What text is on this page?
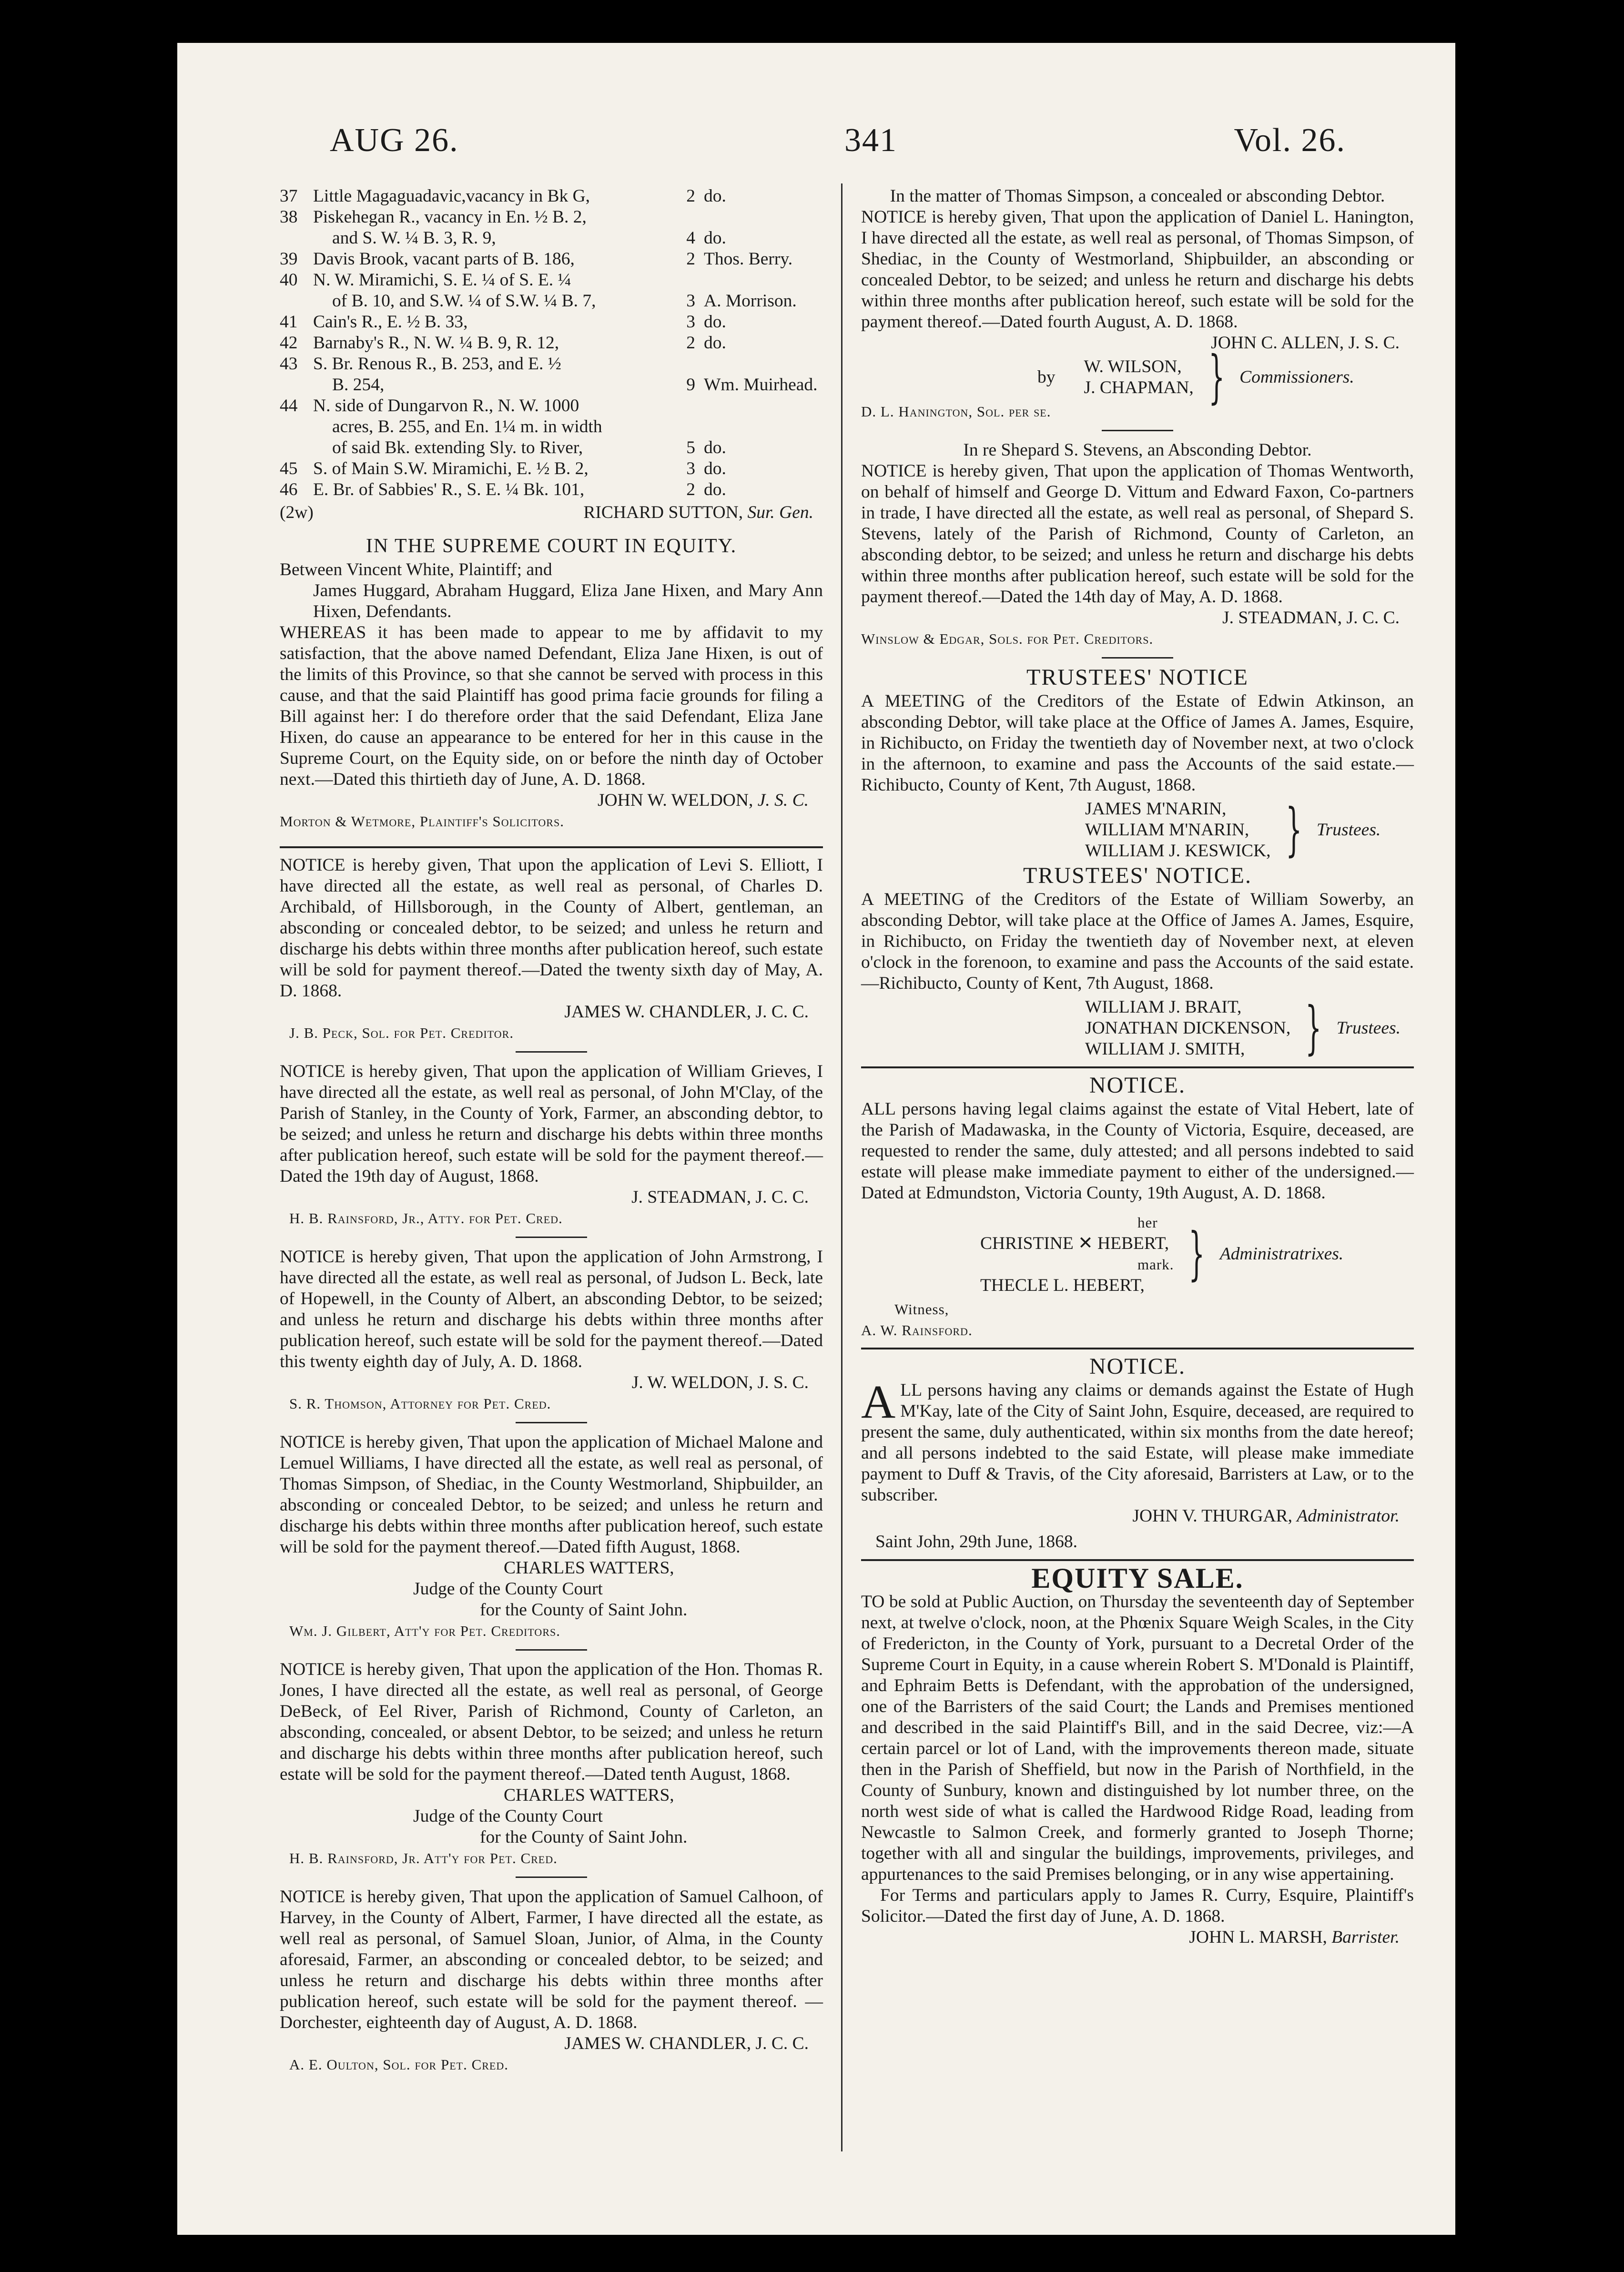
AUG 26.	341	Vol. 26.
37 Little Magaguadavic,vacancy in Bk G,	2 do.
38 Piskehegan R., vacancy in En. ½ B. 2,
and S. W. ¼ B. 3, R. 9,	4 do.
39 Davis Brook, vacant parts of B. 186,	2 Thos. Berry.
40 N. W. Miramichi, S. E. ¼ of S. E. ¼
of B. 10, and S.W. ¼ of S.W. ¼ B. 7,	3 A. Morrison.
41 Cain's R., E. ½ B. 33,	3 do.
42 Barnaby's R., N. W. ¼ B. 9, R. 12,	2 do.
43 S. Br. Renous R., B. 253, and E. ½
B. 254,	9 Wm. Muirhead.
44 N. side of Dungarvon R., N. W. 1000
acres, B. 255, and En. 1¼ m. in width
of said Bk. extending Sly. to River,	5 do.
45 S. of Main S.W. Miramichi, E. ½ B. 2,	3 do.
46 E. Br. of Sabbies' R., S. E. ¼ Bk. 101,	2 do.
(2w)	RICHARD SUTTON, Sur. Gen.
IN THE SUPREME COURT IN EQUITY.

Between Vincent White, Plaintiff; and

James Huggard, Abraham Huggard, Eliza Jane Hixen, and Mary Ann Hixen, Defendants.

WHEREAS it has been made to appear to me by affidavit to my satisfaction, that the above named Defendant, Eliza Jane Hixen, is out of the limits of this Province, so that she cannot be served with process in this cause, and that the said Plaintiff has good prima facie grounds for filing a Bill against her: I do therefore order that the said Defendant, Eliza Jane Hixen, do cause an appearance to be entered for her in this cause in the Supreme Court, on the Equity side, on or before the ninth day of October next.—Dated this thirtieth day of June, A. D. 1868.

JOHN W. WELDON, J. S. C.
Morton & Wetmore, Plaintiff's Solicitors.

NOTICE is hereby given, That upon the application of Levi S. Elliott, I have directed all the estate, as well real as personal, of Charles D. Archibald, of Hillsborough, in the County of Albert, gentleman, an absconding or concealed debtor, to be seized; and unless he return and discharge his debts within three months after publication hereof, such estate will be sold for payment thereof.—Dated the twenty sixth day of May, A. D. 1868.

JAMES W. CHANDLER, J. C. C.
J. B. Peck, Sol. for Pet. Creditor.

NOTICE is hereby given, That upon the application of William Grieves, I have directed all the estate, as well real as personal, of John M'Clay, of the Parish of Stanley, in the County of York, Farmer, an absconding debtor, to be seized; and unless he return and discharge his debts within three months after publication hereof, such estate will be sold for the payment thereof.—Dated the 19th day of August, 1868.

J. STEADMAN, J. C. C.
H. B. Rainsford, Jr., Atty. for Pet. Cred.

NOTICE is hereby given, That upon the application of John Armstrong, I have directed all the estate, as well real as personal, of Judson L. Beck, late of Hopewell, in the County of Albert, an absconding Debtor, to be seized; and unless he return and discharge his debts within three months after publication hereof, such estate will be sold for the payment thereof.—Dated this twenty eighth day of July, A. D. 1868.

J. W. WELDON, J. S. C.
S. R. Thomson, Attorney for Pet. Cred.

NOTICE is hereby given, That upon the application of Michael Malone and Lemuel Williams, I have directed all the estate, as well real as personal, of Thomas Simpson, of Shediac, in the County Westmorland, Shipbuilder, an absconding or concealed Debtor, to be seized; and unless he return and discharge his debts within three months after publication hereof, such estate will be sold for the payment thereof.—Dated fifth August, 1868.

CHARLES WATTERS,
Judge of the County Court
for the County of Saint John.
Wm. J. Gilbert, Att'y for Pet. Creditors.

NOTICE is hereby given, That upon the application of the Hon. Thomas R. Jones, I have directed all the estate, as well real as personal, of George DeBeck, of Eel River, Parish of Richmond, County of Carleton, an absconding, concealed, or absent Debtor, to be seized; and unless he return and discharge his debts within three months after publication hereof, such estate will be sold for the payment thereof.—Dated tenth August, 1868.

CHARLES WATTERS,
Judge of the County Court
for the County of Saint John.
H. B. Rainsford, Jr. Att'y for Pet. Cred.

NOTICE is hereby given, That upon the application of Samuel Calhoon, of Harvey, in the County of Albert, Farmer, I have directed all the estate, as well real as personal, of Samuel Sloan, Junior, of Alma, in the County aforesaid, Farmer, an absconding or concealed debtor, to be seized; and unless he return and discharge his debts within three months after publication hereof, such estate will be sold for the payment thereof. —Dorchester, eighteenth day of August, A. D. 1868.

JAMES W. CHANDLER, J. C. C.
A. E. Oulton, Sol. for Pet. Cred.

In the matter of Thomas Simpson, a concealed or absconding Debtor.

NOTICE is hereby given, That upon the application of Daniel L. Hanington, I have directed all the estate, as well real as personal, of Thomas Simpson, of Shediac, in the County of Westmorland, Shipbuilder, an absconding or concealed Debtor, to be seized; and unless he return and discharge his debts within three months after publication hereof, such estate will be sold for the payment thereof.—Dated fourth August, A. D. 1868.

JOHN C. ALLEN, J. S. C.
by
W. WILSON,
J. CHAPMAN, } Commissioners.
D. L. Hanington, Sol. per se.

In re Shepard S. Stevens, an Absconding Debtor.

NOTICE is hereby given, That upon the application of Thomas Wentworth, on behalf of himself and George D. Vittum and Edward Faxon, Co-partners in trade, I have directed all the estate, as well real as personal, of Shepard S. Stevens, lately of the Parish of Richmond, County of Carleton, an absconding debtor, to be seized; and unless he return and discharge his debts within three months after publication hereof, such estate will be sold for the payment thereof.—Dated the 14th day of May, A. D. 1868.

J. STEADMAN, J. C. C.
Winslow & Edgar, Sols. for Pet. Creditors.
TRUSTEES' NOTICE

A MEETING of the Creditors of the Estate of Edwin Atkinson, an absconding Debtor, will take place at the Office of James A. James, Esquire, in Richibucto, on Friday the twentieth day of November next, at two o'clock in the afternoon, to examine and pass the Accounts of the said estate.—Richibucto, County of Kent, 7th August, 1868.

JAMES M'NARIN,
WILLIAM M'NARIN,
WILLIAM J. KESWICK, } Trustees.
TRUSTEES' NOTICE.

A MEETING of the Creditors of the Estate of William Sowerby, an absconding Debtor, will take place at the Office of James A. James, Esquire, in Richibucto, on Friday the twentieth day of November next, at eleven o'clock in the forenoon, to examine and pass the Accounts of the said estate.—Richibucto, County of Kent, 7th August, 1868.

WILLIAM J. BRAIT,
JONATHAN DICKENSON,
WILLIAM J. SMITH,	} Trustees.
NOTICE.

ALL persons having legal claims against the estate of Vital Hebert, late of the Parish of Madawaska, in the County of Victoria, Esquire, deceased, are requested to render the same, duly attested; and all persons indebted to said estate will please make immediate payment to either of the undersigned.—Dated at Edmundston, Victoria County, 19th August, A. D. 1868.

her
CHRISTINE ✕ HEBERT,
mark.
THECLE L. HEBERT, } Administratrixes.
Witness,
A. W. Rainsford.
NOTICE.

ALL persons having any claims or demands against the Estate of Hugh M'Kay, late of the City of Saint John, Esquire, deceased, are required to present the same, duly authenticated, within six months from the date hereof; and all persons indebted to the said Estate, will please make immediate payment to Duff & Travis, of the City aforesaid, Barristers at Law, or to the subscriber.

JOHN V. THURGAR, Administrator.
Saint John, 29th June, 1868.
EQUITY SALE.

TO be sold at Public Auction, on Thursday the seventeenth day of September next, at twelve o'clock, noon, at the Phœnix Square Weigh Scales, in the City of Fredericton, in the County of York, pursuant to a Decretal Order of the Supreme Court in Equity, in a cause wherein Robert S. M'Donald is Plaintiff, and Ephraim Betts is Defendant, with the approbation of the undersigned, one of the Barristers of the said Court; the Lands and Premises mentioned and described in the said Plaintiff's Bill, and in the said Decree, viz:—A certain parcel or lot of Land, with the improvements thereon made, situate then in the Parish of Sheffield, but now in the Parish of Northfield, in the County of Sunbury, known and distinguished by lot number three, on the north west side of what is called the Hardwood Ridge Road, leading from Newcastle to Salmon Creek, and formerly granted to Joseph Thorne; together with all and singular the buildings, improvements, privileges, and appurtenances to the said Premises belonging, or in any wise appertaining.

For Terms and particulars apply to James R. Curry, Esquire, Plaintiff's Solicitor.—Dated the first day of June, A. D. 1868.

JOHN L. MARSH, Barrister.
